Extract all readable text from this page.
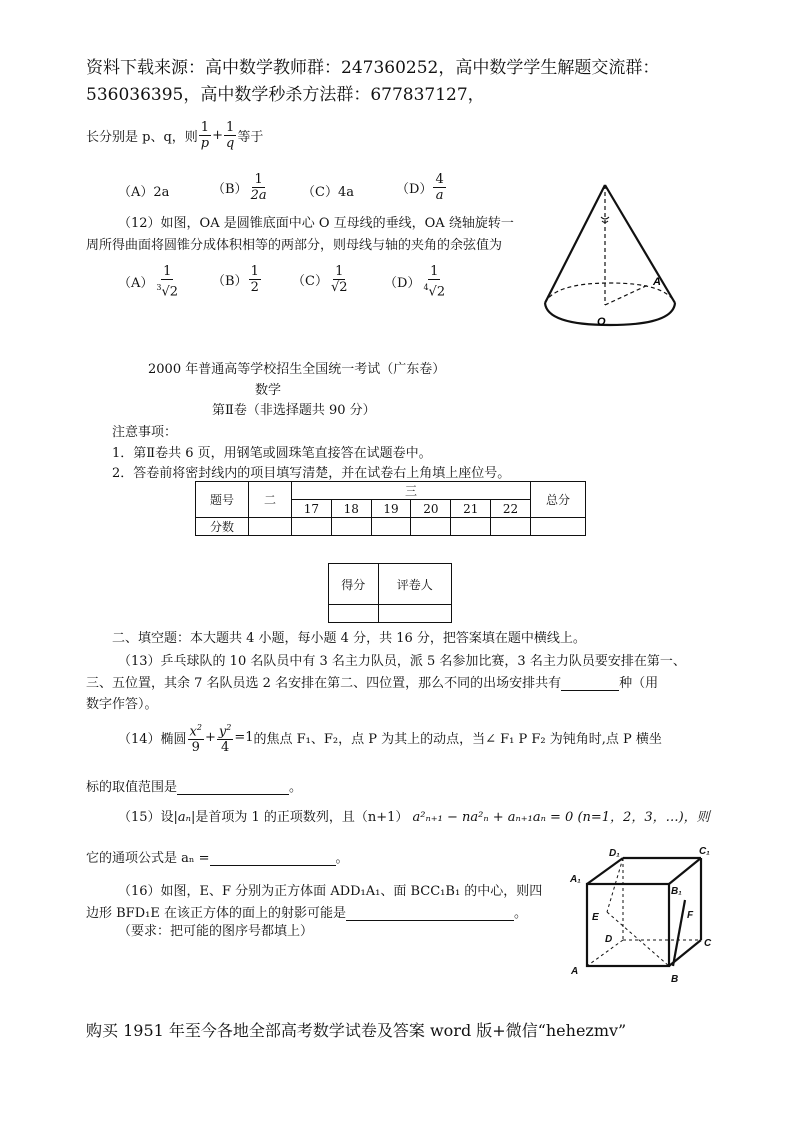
资料下载来源：高中数学教师群：247360252，高中数学学生解题交流群：
536036395，高中数学秒杀方法群：677837127，
长分别是 p、q，则 $\frac{1}{p} + \frac{1}{q}$ 等于
（A）2a	$(B) \frac{1}{2a}$	（C）4a	$(D) \frac{4}{a}$
（12）如图，OA 是圆锥底面中心 O 互母线的垂线，OA 绕轴旋转一
周所得曲面将圆锥分成体积相等的两部分，则母线与轴的夹角的余弦值为
$(A) \frac{1}{^3√2} (B) \frac{1}{2} (C) \frac{1}{√2}$	$(D) \frac{1}{^4√2}$	A
O
2000 年普通高等学校招生全国统一考试（广东卷）
数学
第Ⅱ卷（非选择题共 90 分）
注意事项：
1．第Ⅱ卷共 6 页，用钢笔或圆珠笔直接答在试题卷中。
2．答卷前将密封线内的项目填写清楚，并在试卷右上角填上座位号。
题号	二	三						总分
		17	18	19	20	21	22	
分数								
得分	评卷人

二、填空题：本大题共 4 小题，每小题 4 分，共 16 分，把答案填在题中横线上。
（13）乒乓球队的 10 名队员中有 3 名主力队员，派 5 名参加比赛，3 名主力队员要安排在第一、
三、五位置，其余 7 名队员选 2 名安排在第二、四位置，那么不同的出场安排共有	种（用
数字作答）。
（14）椭圆 $\frac{x^2}{9} + \frac{y^2}{4} =1$ 的焦点 F₁、F₂，点 P 为其上的动点，当∠ F₁ P F₂ 为钝角时,点 P 横坐
标的取值范围是	。
（15）设|aₙ|是首项为 1 的正项数列，且（n+1） a²ₙ₊₁ − na²ₙ + aₙ₊₁aₙ = 0 (n=1，2，3，…)，则
它的通项公式是 aₙ =	。
（16）如图，E、F 分别为正方体面 ADD₁A₁、面 BCC₁B₁ 的中心，则四
边形 BFD₁E 在该正方体的面上的射影可能是	。
（要求：把可能的图序号都填上）
D₁	C₁
A₁
B₁
E	F
D	C
A
B
购买 1951 年至今各地全部高考数学试卷及答案 word 版+微信“hehezmv”
